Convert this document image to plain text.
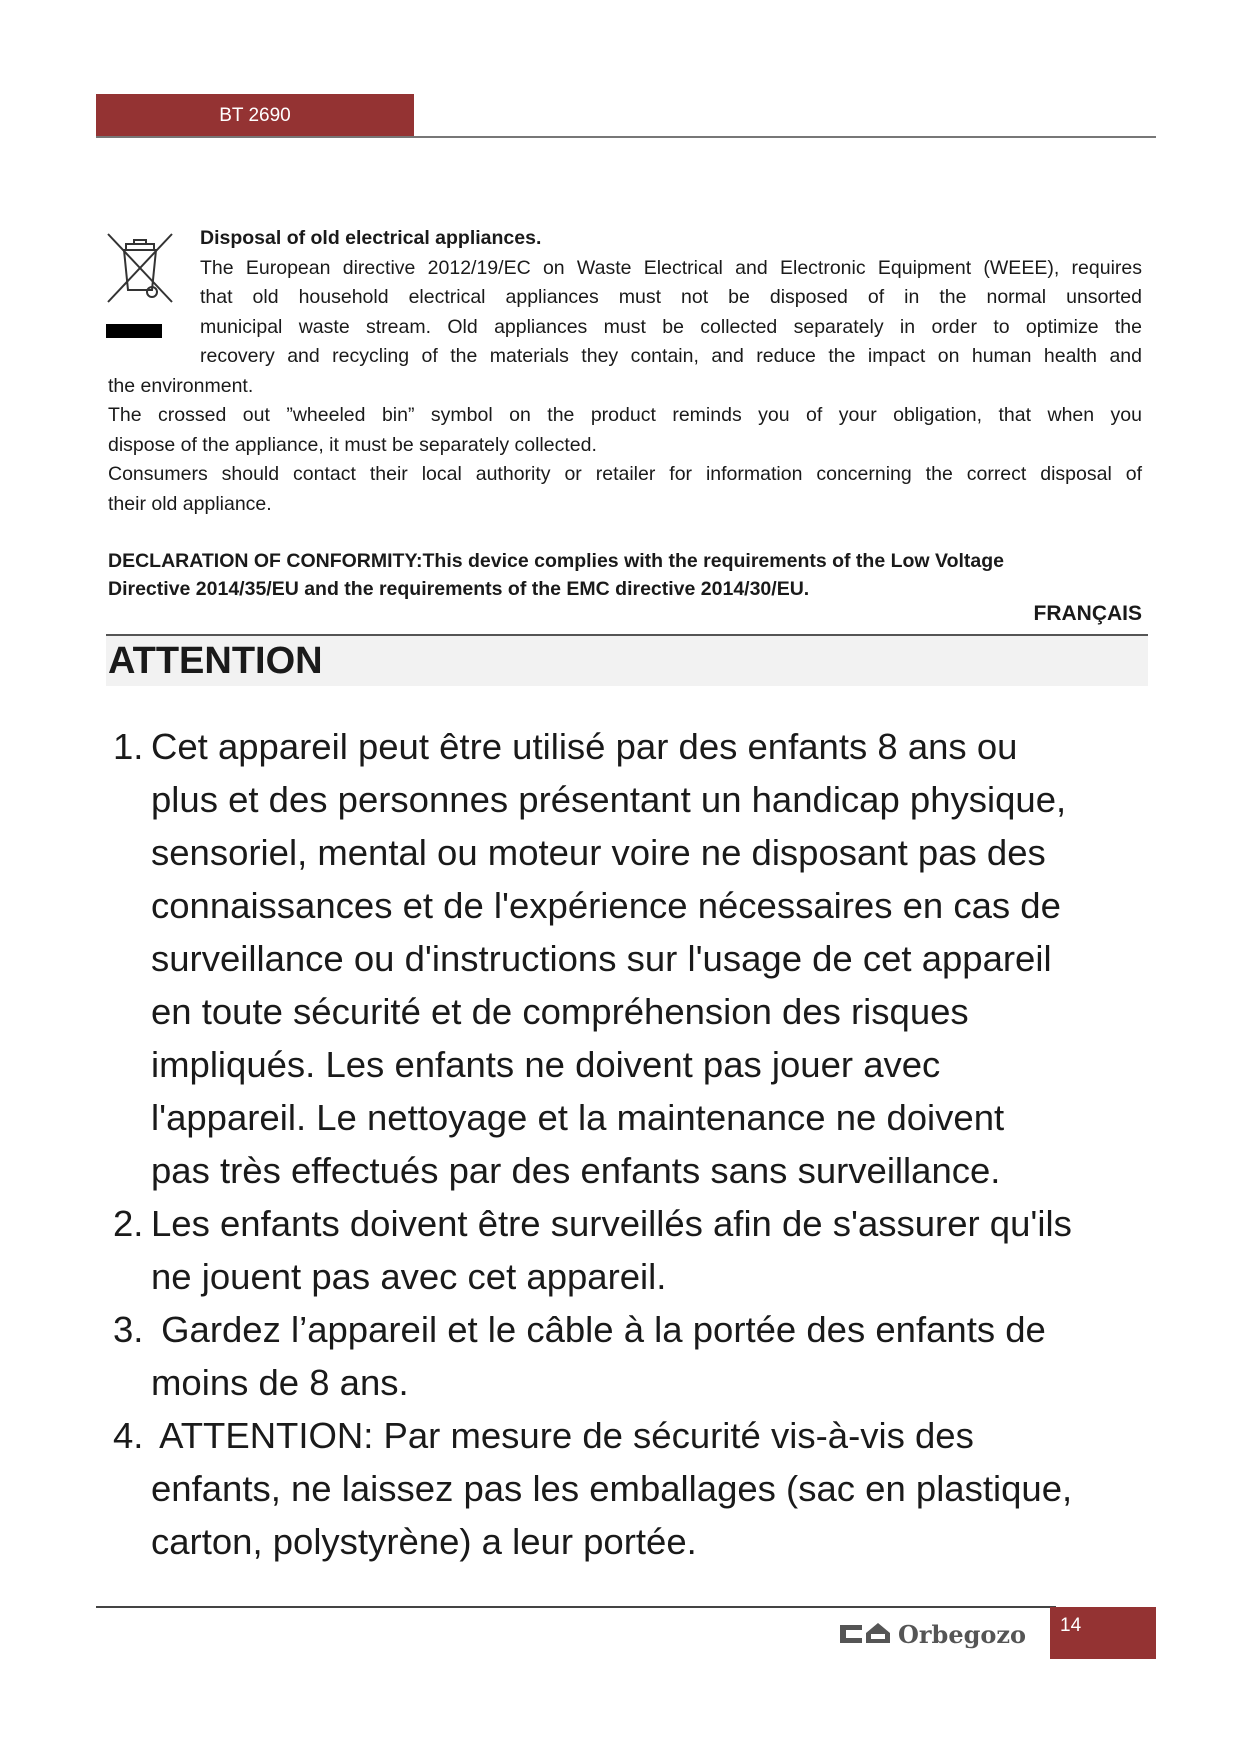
BT 2690
Disposal of old electrical appliances.
The European directive 2012/19/EC on Waste Electrical and Electronic Equipment (WEEE), requires
that old household electrical appliances must not be disposed of in the normal unsorted
municipal waste stream. Old appliances must be collected separately in order to optimize the
recovery and recycling of the materials they contain, and reduce the impact on human health and
the environment.
The crossed out ”wheeled bin” symbol on the product reminds you of your obligation, that when you
dispose of the appliance, it must be separately collected.
Consumers should contact their local authority or retailer for information concerning the correct disposal of
their old appliance.
DECLARATION OF CONFORMITY:This device complies with the requirements of the Low Voltage
Directive 2014/35/EU and the requirements of the EMC directive 2014/30/EU.
FRANÇAIS
ATTENTION
1. Cet appareil peut être utilisé par des enfants 8 ans ou
plus et des personnes présentant un handicap physique,
sensoriel, mental ou moteur voire ne disposant pas des
connaissances et de l'expérience nécessaires en cas de
surveillance ou d'instructions sur l'usage de cet appareil
en toute sécurité et de compréhension des risques
impliqués. Les enfants ne doivent pas jouer avec
l'appareil. Le nettoyage et la maintenance ne doivent
pas très effectués par des enfants sans surveillance.
2. Les enfants doivent être surveillés afin de s'assurer qu'ils
ne jouent pas avec cet appareil.
3. Gardez l’appareil et le câble à la portée des enfants de
moins de 8 ans.
4. ATTENTION: Par mesure de sécurité vis-à-vis des
enfants, ne laissez pas les emballages (sac en plastique,
carton, polystyrène) a leur portée.
Orbegozo	14
